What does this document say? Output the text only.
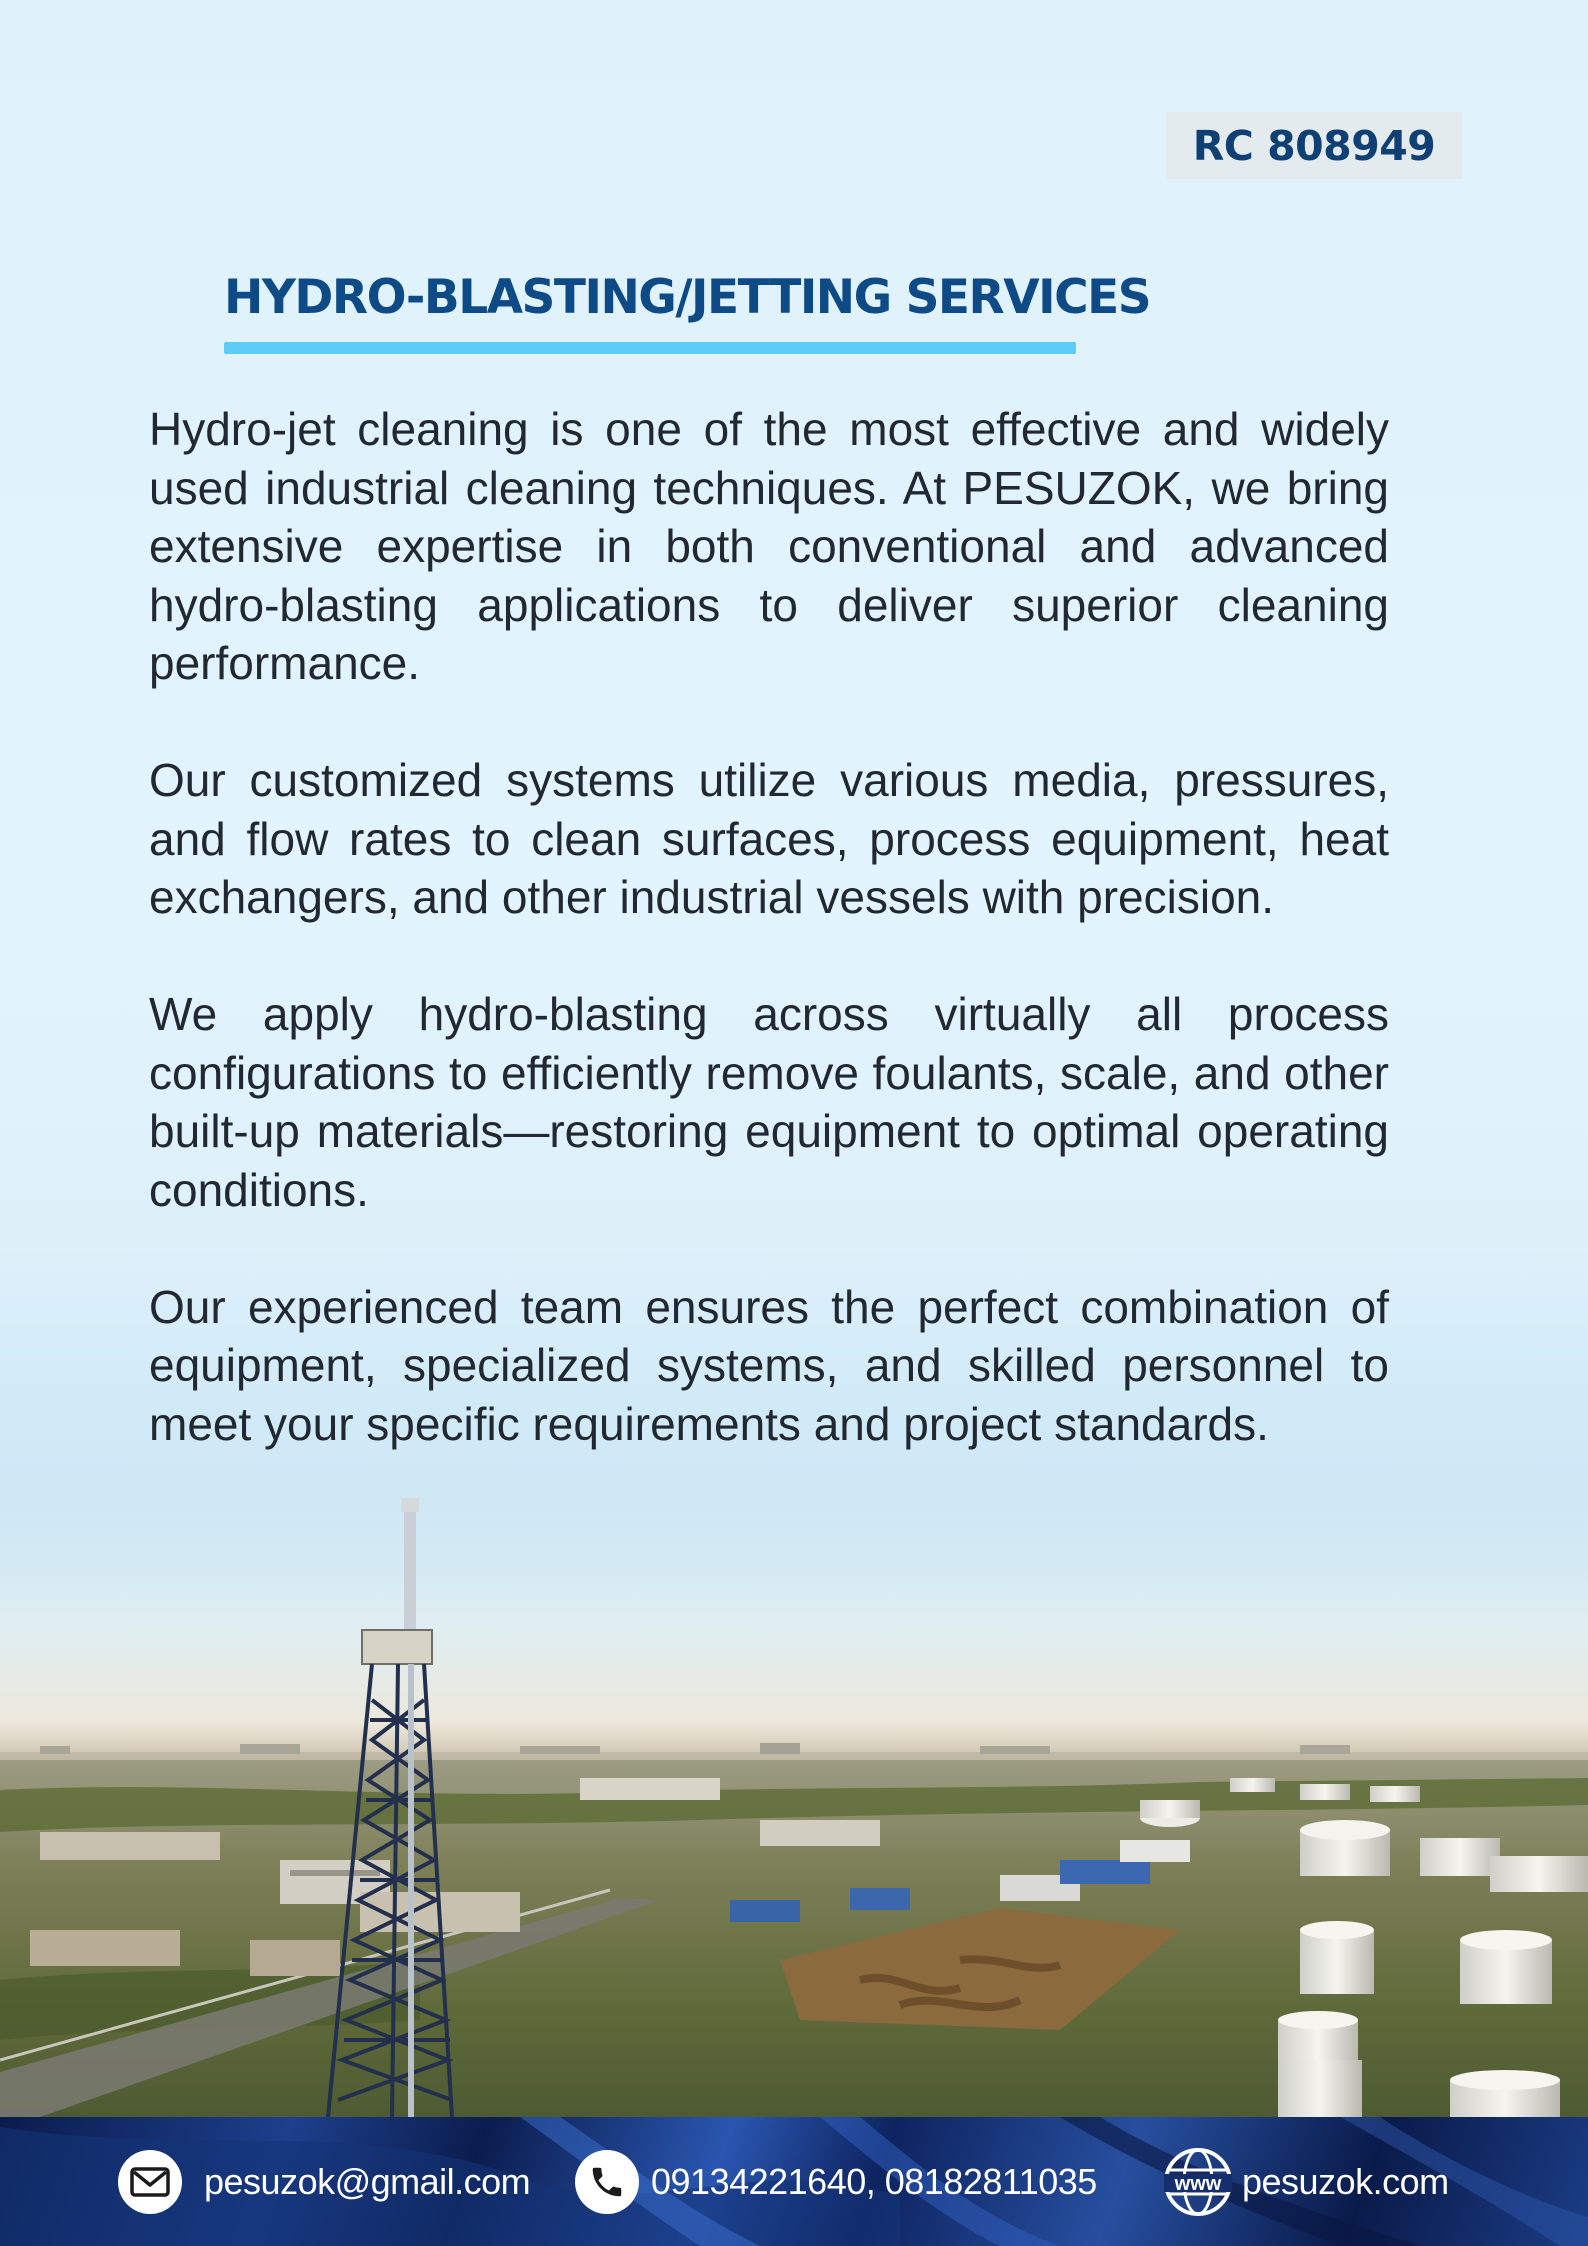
RC 808949
HYDRO-BLASTING/JETTING SERVICES

Hydro-jet cleaning is one of the most effective and widely used industrial cleaning techniques. At PESUZOK, we bring extensive expertise in both conventional and advanced hydro-blasting applications to deliver superior cleaning performance.

Our customized systems utilize various media, pressures, and flow rates to clean surfaces, process equipment, heat exchangers, and other industrial vessels with precision.

We apply hydro-blasting across virtually all process configurations to efficiently remove foulants, scale, and other built-up materials—restoring equipment to optimal operating conditions.

Our experienced team ensures the perfect combination of equipment, specialized systems, and skilled personnel to meet your specific requirements and project standards.

pesuzok@gmail.com	09134221640, 08182811035	www pesuzok.com
